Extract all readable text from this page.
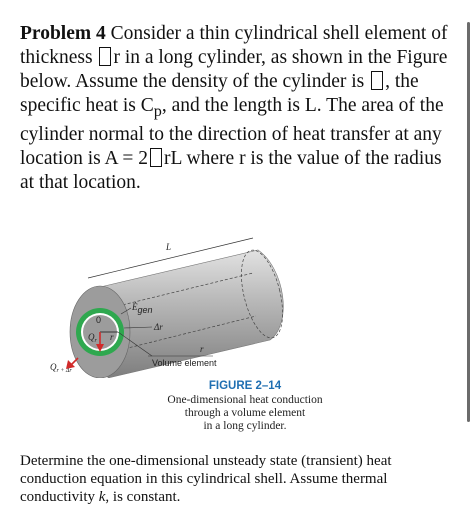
Problem 4 Consider a thin cylindrical shell element of thickness r in a long cylinder, as shown in the Figure below. Assume the density of the cylinder is , the specific heat is $C_p$, and the length is L. The area of the cylinder normal to the direction of heat transfer at any location is A = 2 rL where r is the value of the radius at that location.
L
Ėgen
Δr
0
$Q_r$ r
$Q_{r + \Delta r}$
r
Volume element
FIGURE 2–14
One-dimensional heat conduction
through a volume element
in a long cylinder.
Determine the one-dimensional unsteady state (transient) heat conduction equation in this cylindrical shell. Assume thermal conductivity k, is constant.
